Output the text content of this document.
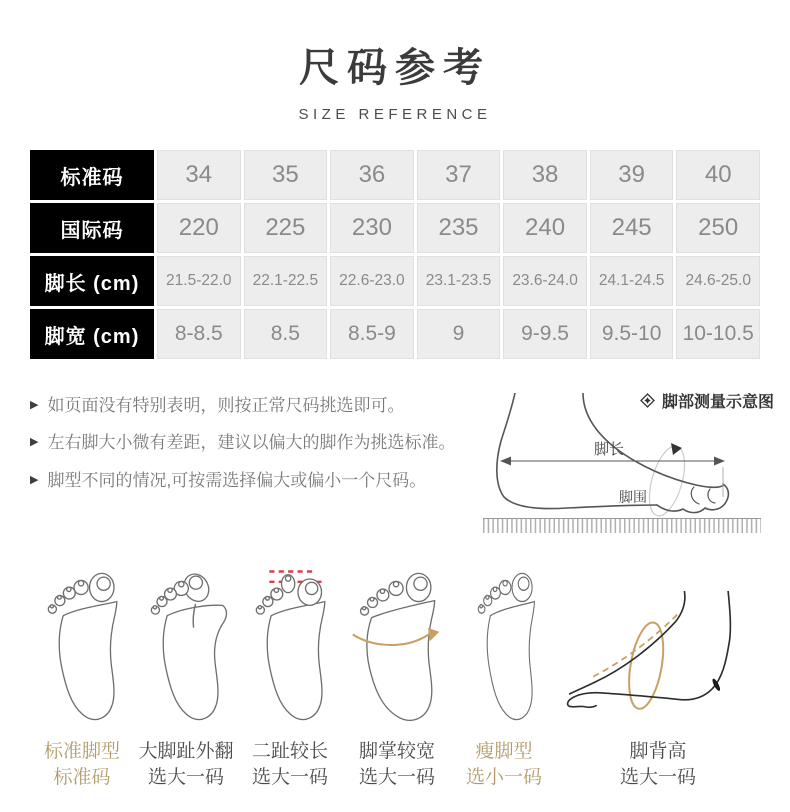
尺码参考
SIZE REFERENCE
标准码	34	35	36	37	38	39	40
国际码	220	225	230	235	240	245	250
脚长 (cm)	21.5-22.0	22.1-22.5	22.6-23.0	23.1-23.5	23.6-24.0	24.1-24.5	24.6-25.0
脚宽 (cm)	8-8.5	8.5	8.5-9	9	9-9.5	9.5-10	10-10.5
▶ 如页面没有特别表明，则按正常尺码挑选即可。
▶ 左右脚大小微有差距，建议以偏大的脚作为挑选标准。
▶ 脚型不同的情况,可按需选择偏大或偏小一个尺码。
脚部测量示意图
脚长
脚围
标准脚型
标准码
大脚趾外翻
选大一码
二趾较长
选大一码
脚掌较宽
选大一码
瘦脚型
选小一码
脚背高
选大一码
